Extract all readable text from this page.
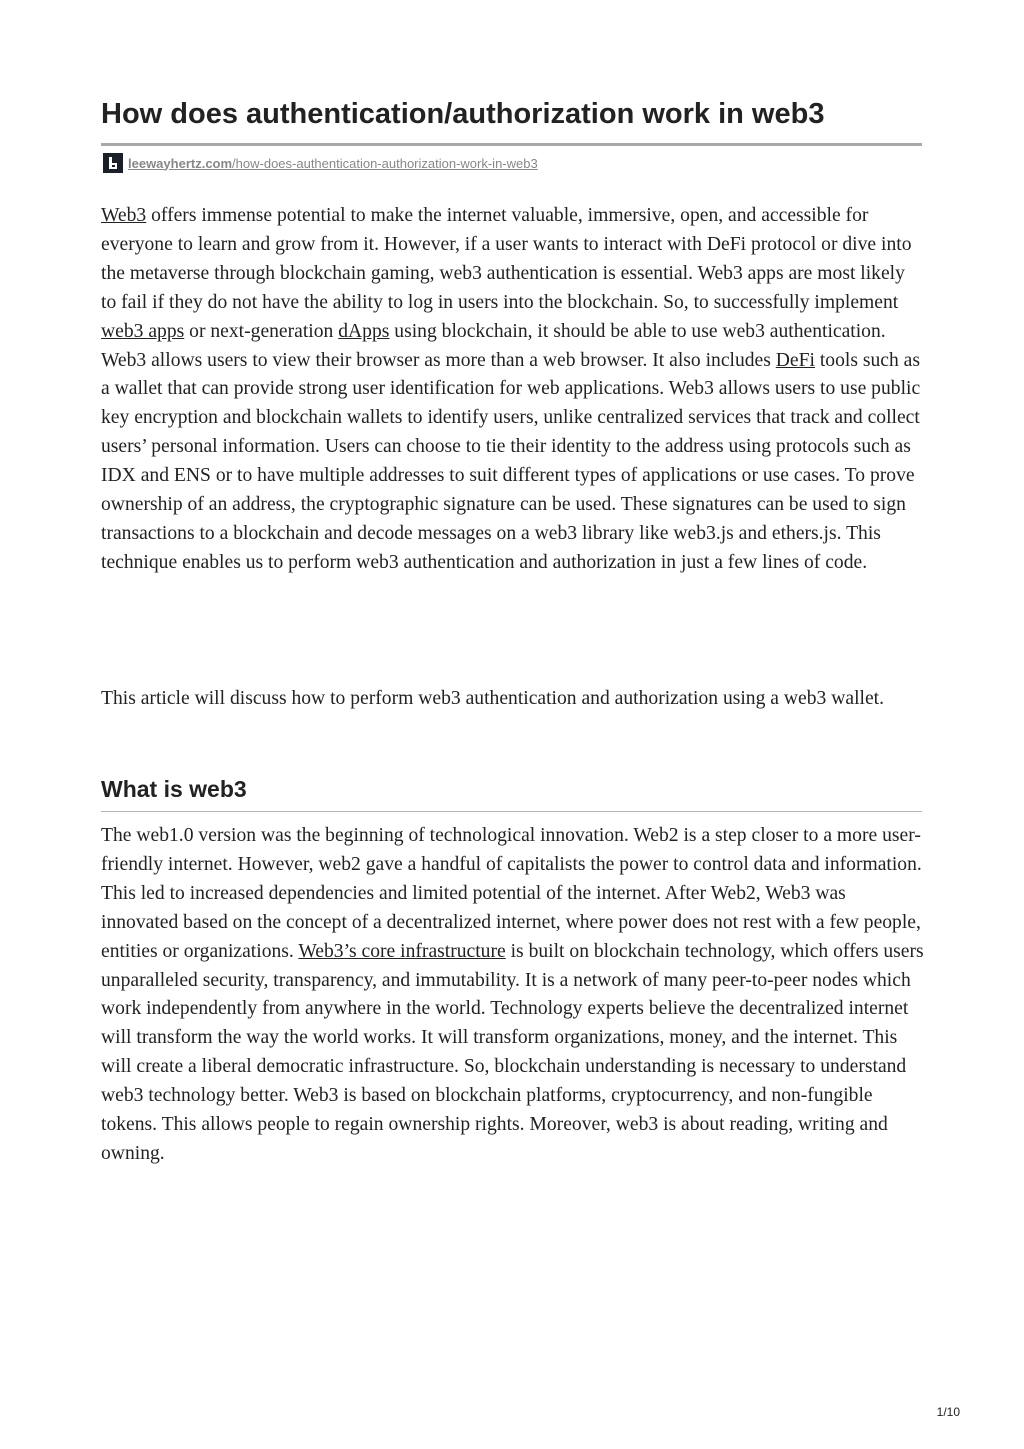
How does authentication/authorization work in web3
leewayhertz.com/how-does-authentication-authorization-work-in-web3

Web3 offers immense potential to make the internet valuable, immersive, open, and accessible for everyone to learn and grow from it. However, if a user wants to interact with DeFi protocol or dive into the metaverse through blockchain gaming, web3 authentication is essential. Web3 apps are most likely to fail if they do not have the ability to log in users into the blockchain. So, to successfully implement web3 apps or next-generation dApps using blockchain, it should be able to use web3 authentication. Web3 allows users to view their browser as more than a web browser. It also includes DeFi tools such as a wallet that can provide strong user identification for web applications. Web3 allows users to use public key encryption and blockchain wallets to identify users, unlike centralized services that track and collect users’ personal information. Users can choose to tie their identity to the address using protocols such as IDX and ENS or to have multiple addresses to suit different types of applications or use cases. To prove ownership of an address, the cryptographic signature can be used. These signatures can be used to sign transactions to a blockchain and decode messages on a web3 library like web3.js and ethers.js. This technique enables us to perform web3 authentication and authorization in just a few lines of code.

This article will discuss how to perform web3 authentication and authorization using a web3 wallet.

What is web3

The web1.0 version was the beginning of technological innovation. Web2 is a step closer to a more user-friendly internet. However, web2 gave a handful of capitalists the power to control data and information. This led to increased dependencies and limited potential of the internet. After Web2, Web3 was innovated based on the concept of a decentralized internet, where power does not rest with a few people, entities or organizations. Web3’s core infrastructure is built on blockchain technology, which offers users unparalleled security, transparency, and immutability. It is a network of many peer-to-peer nodes which work independently from anywhere in the world. Technology experts believe the decentralized internet will transform the way the world works. It will transform organizations, money, and the internet. This will create a liberal democratic infrastructure. So, blockchain understanding is necessary to understand web3 technology better. Web3 is based on blockchain platforms, cryptocurrency, and non-fungible tokens. This allows people to regain ownership rights. Moreover, web3 is about reading, writing and owning.

1/10
